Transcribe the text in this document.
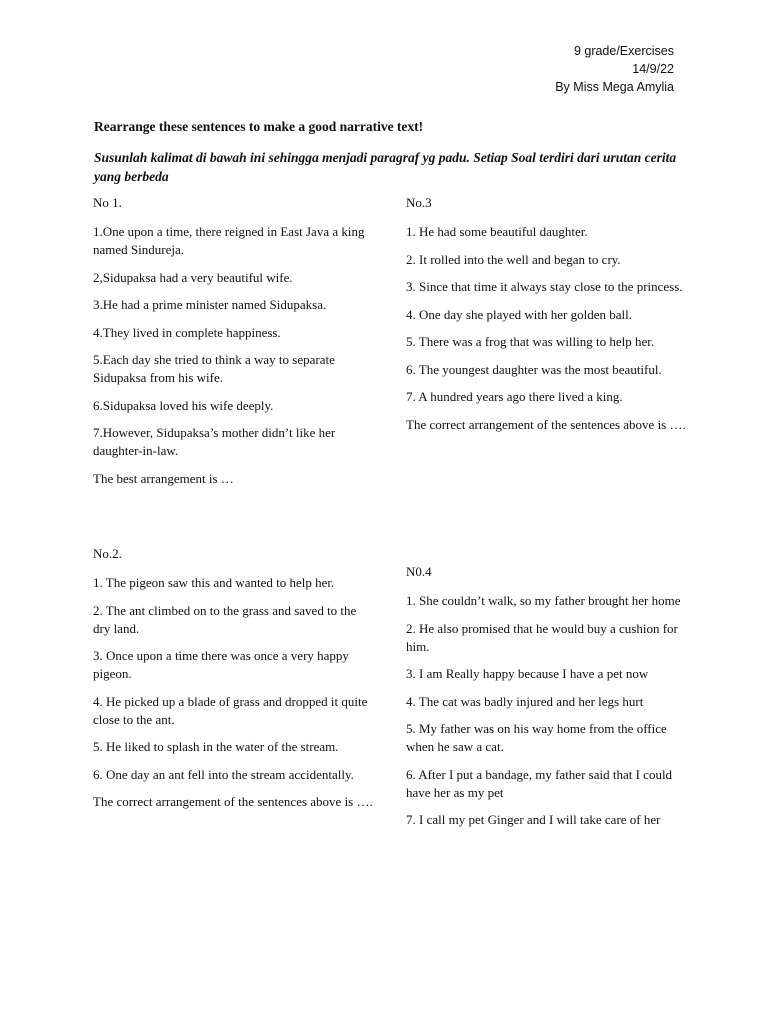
9 grade/Exercises
14/9/22
By Miss Mega Amylia
Rearrange these sentences to make a good narrative text!
Susunlah kalimat di bawah ini sehingga menjadi paragraf yg padu. Setiap Soal terdiri dari urutan cerita yang berbeda

No 1.

1.One upon a time, there reigned in East Java a king named Sindureja.

2,Sidupaksa had a very beautiful wife.

3.He had a prime minister named Sidupaksa.

4.They lived in complete happiness.

5.Each day she tried to think a way to separate Sidupaksa from his wife.

6.Sidupaksa loved his wife deeply.

7.However, Sidupaksa’s mother didn’t like her daughter-in-law.

The best arrangement is …

No.2.

1. The pigeon saw this and wanted to help her.

2. The ant climbed on to the grass and saved to the dry land.

3. Once upon a time there was once a very happy pigeon.

4. He picked up a blade of grass and dropped it quite close to the ant.

5. He liked to splash in the water of the stream.

6. One day an ant fell into the stream accidentally.

The correct arrangement of the sentences above is ….

No.3

1. He had some beautiful daughter.

2. It rolled into the well and began to cry.

3. Since that time it always stay close to the princess.

4. One day she played with her golden ball.

5. There was a frog that was willing to help her.

6. The youngest daughter was the most beautiful.

7. A hundred years ago there lived a king.

The correct arrangement of the sentences above is ….

N0.4

1. She couldn’t walk, so my father brought her home

2. He also promised that he would buy a cushion for him.

3. I am Really happy because I have a pet now

4. The cat was badly injured and her legs hurt

5. My father was on his way home from the office when he saw a cat.

6. After I put a bandage, my father said that I could have her as my pet

7. I call my pet Ginger and I will take care of her
